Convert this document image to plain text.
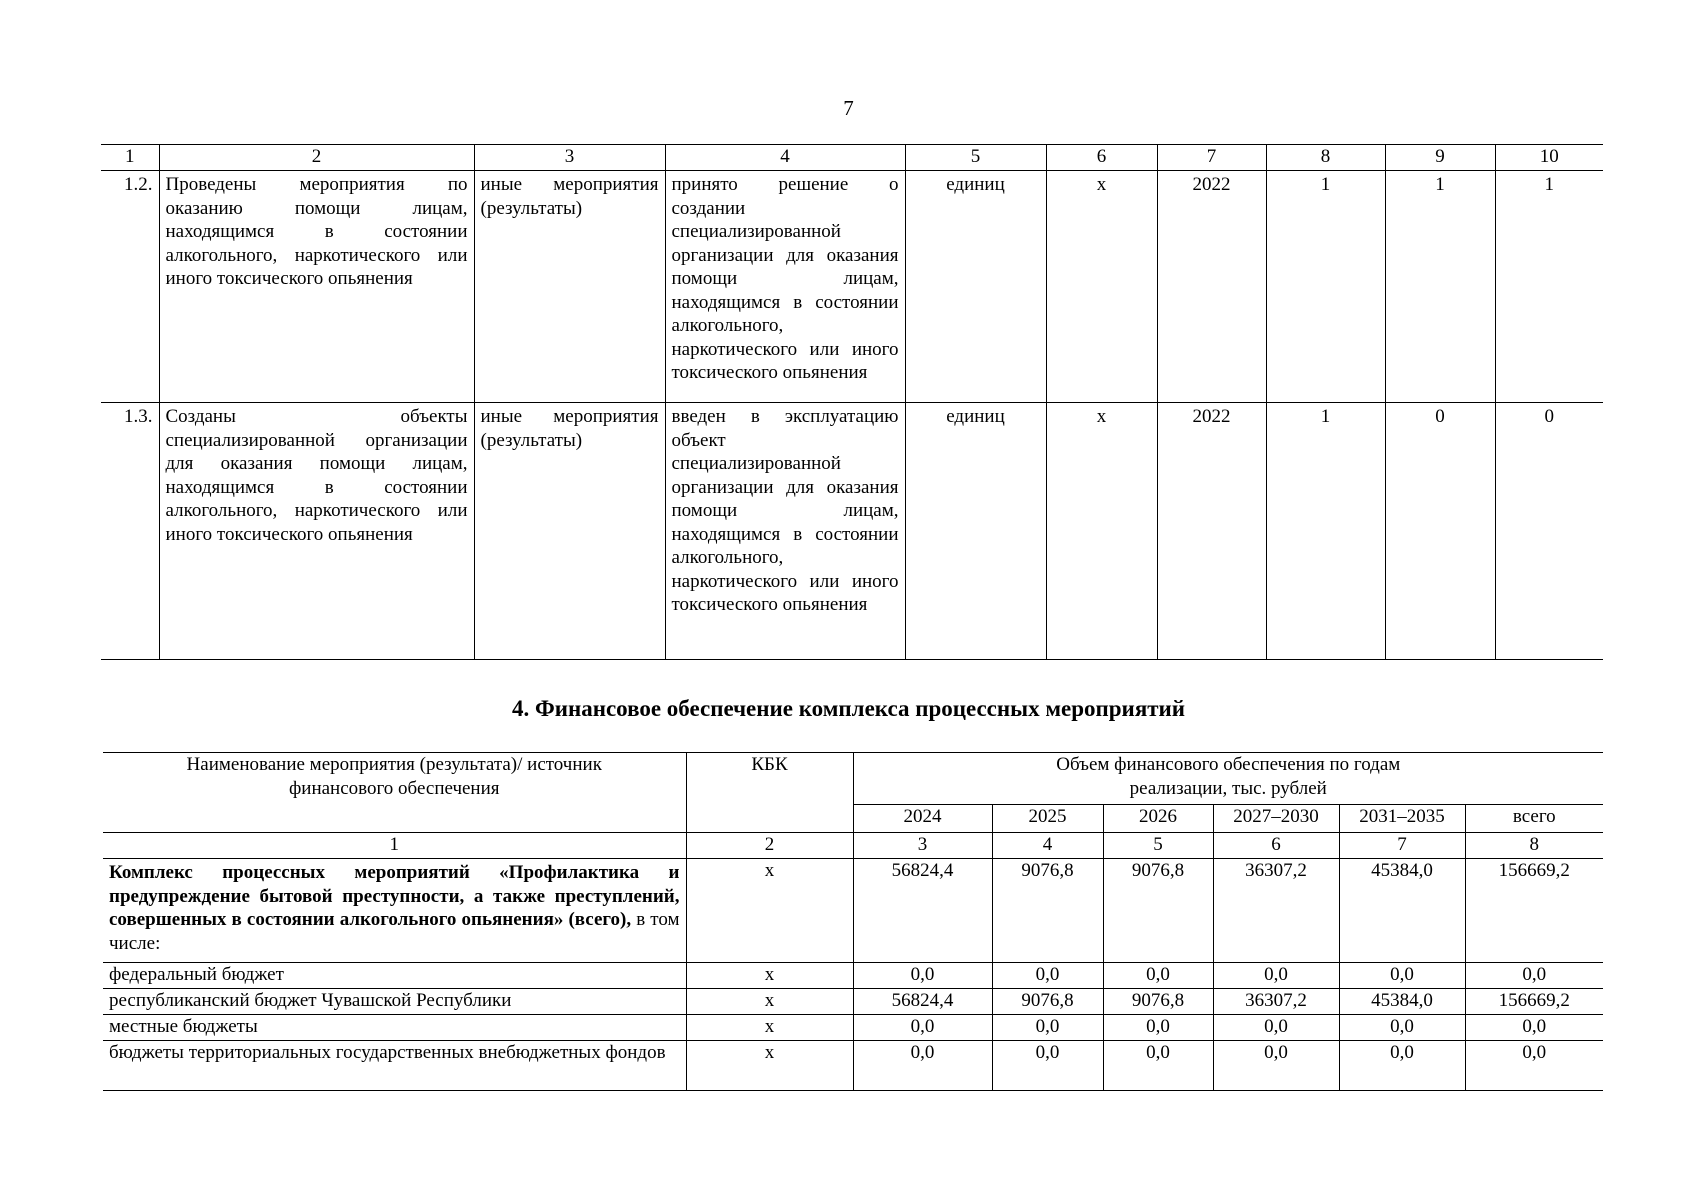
7
1	2	3	4	5	6	7	8	9	10
1.2.	Проведены мероприятия по оказанию помощи лицам, находящимся в состоянии алкогольного, наркотического или иного токсического опьянения	иные мероприятия (результаты)	принято решение о создании специализированной организации для оказания помощи лицам, находящимся в состоянии алкогольного, наркотического или иного токсического опьянения	единиц	х	2022	1	1	1
1.3.	Созданы объекты специализированной организации для оказания помощи лицам, находящимся в состоянии алкогольного, наркотического или иного токсического опьянения	иные мероприятия (результаты)	введен в эксплуатацию объект специализированной организации для оказания помощи лицам, находящимся в состоянии алкогольного, наркотического или иного токсического опьянения	единиц	х	2022	1	0	0
4. Финансовое обеспечение комплекса процессных мероприятий
Наименование мероприятия (результата)/ источник финансового обеспечения	КБК	Объем финансового обеспечения по годам реализации, тыс. рублей					
		2024	2025	2026	2027–2030	2031–2035	всего
1	2	3	4	5	6	7	8
Комплекс процессных мероприятий «Профилактика и предупреждение бытовой преступности, а также преступлений, совершенных в состоянии алкогольного опьянения» (всего), в том числе:	х	56824,4	9076,8	9076,8	36307,2	45384,0	156669,2
федеральный бюджет	х	0,0	0,0	0,0	0,0	0,0	0,0
республиканский бюджет Чувашской Республики	х	56824,4	9076,8	9076,8	36307,2	45384,0	156669,2
местные бюджеты	х	0,0	0,0	0,0	0,0	0,0	0,0
бюджеты территориальных государственных внебюджетных фондов	х	0,0	0,0	0,0	0,0	0,0	0,0
